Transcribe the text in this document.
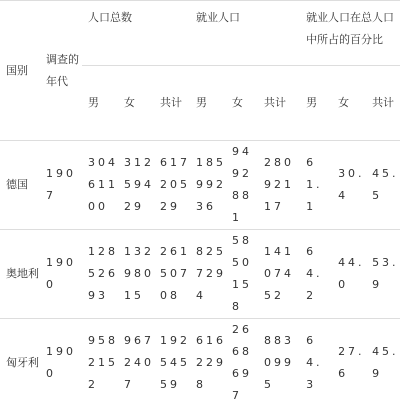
国别	调查的年代	人口总数			就业人口			就业人口在总人口中所占的百分比		
		男	女	共计	男	女	共计	男	女	共计
德国	1907	30461100	31259429	61720529	18599236	9492881	28092117	61.1	30.4	45.5
奥地利	1900	12852693	13298015	26150708	8257294	5850158	14107452	64.2	44.0	53.9
匈牙利	1900	9582152	9672407	19254559	6162298	2668697	8830995	64.3	27.6	45.9
